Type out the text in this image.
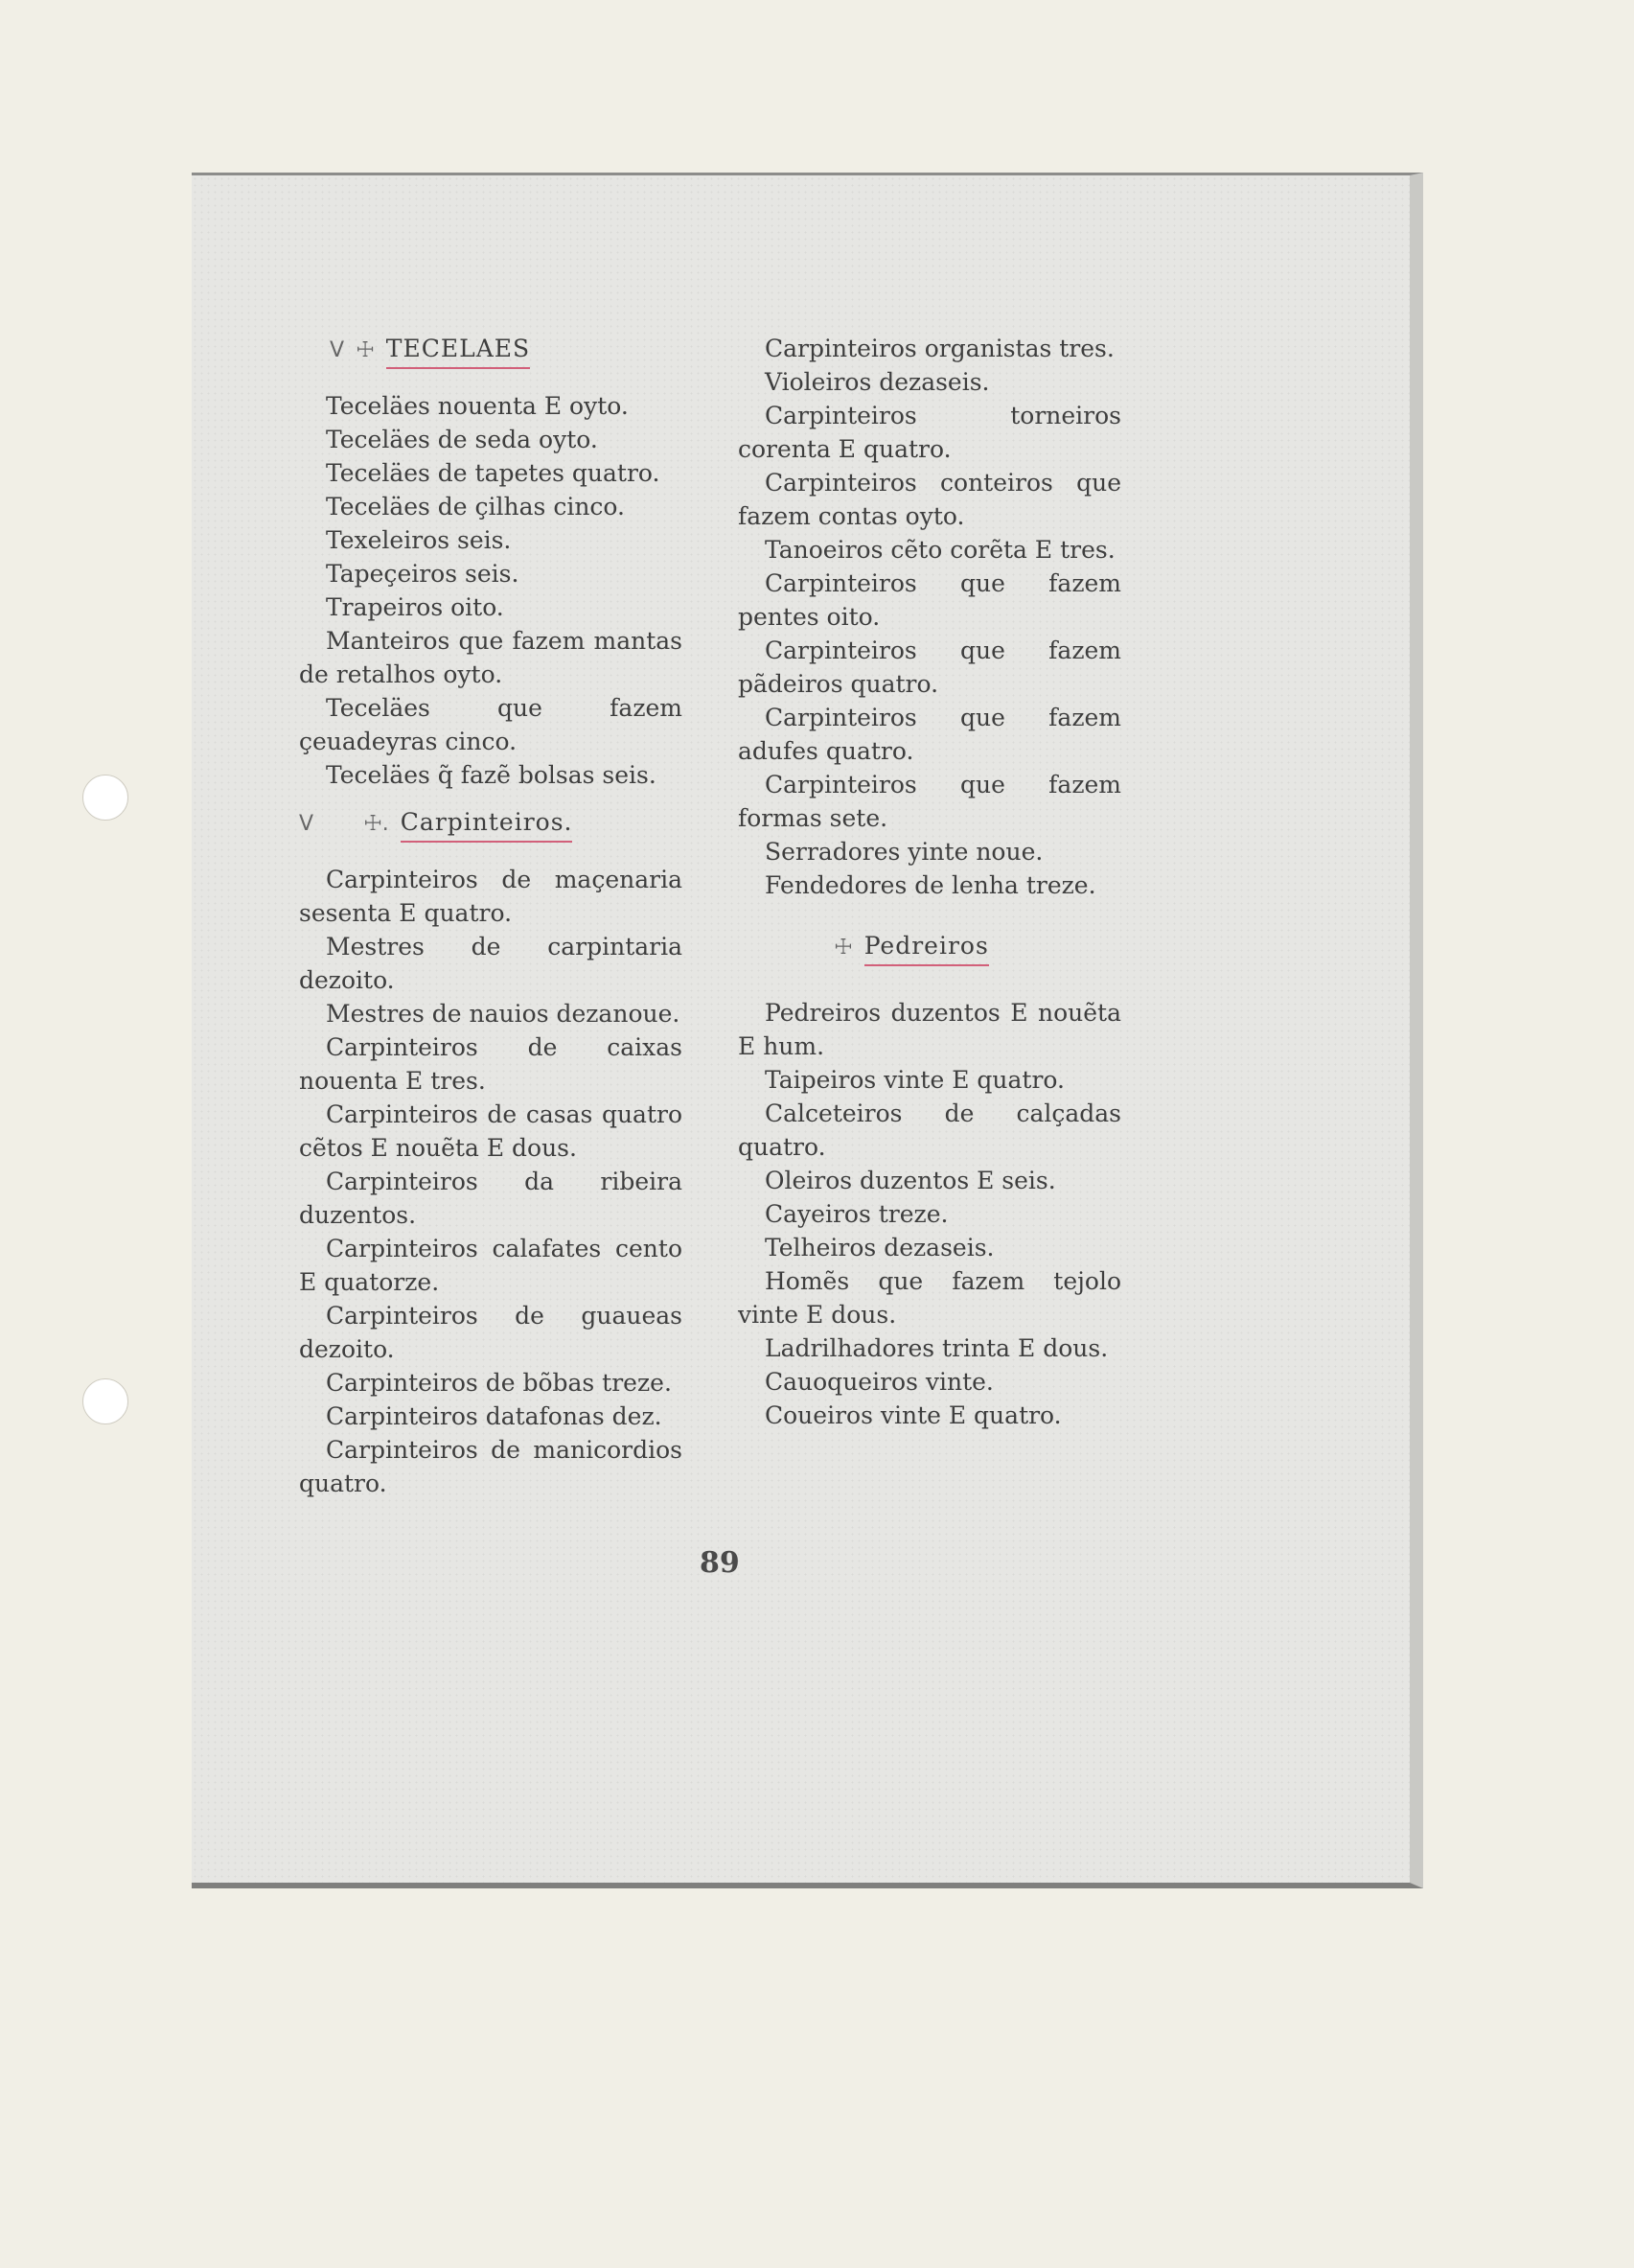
V ☩ TECELAES

Teceläes nouenta E oyto.

Teceläes de seda oyto.

Teceläes de tapetes quatro.

Teceläes de çilhas cinco.

Texeleiros seis.

Tapeçeiros seis.

Trapeiros oito.

Manteiros que fazem mantas de retalhos oyto.

Teceläes que fazem çeuadeyras cinco.

Teceläes q̃ fazẽ bolsas seis.

V ☩. Carpinteiros.

Carpinteiros de maçenaria sesenta E quatro.

Mestres de carpintaria dezoito.

Mestres de nauios dezanoue.

Carpinteiros de caixas nouenta E tres.

Carpinteiros de casas quatro cẽtos E nouẽta E dous.

Carpinteiros da ribeira duzentos.

Carpinteiros calafates cento E quatorze.

Carpinteiros de guaueas dezoito.

Carpinteiros de bõbas treze.

Carpinteiros datafonas dez.

Carpinteiros de manicordios quatro.

Carpinteiros organistas tres.

Violeiros dezaseis.

Carpinteiros torneiros corenta E quatro.

Carpinteiros conteiros que fazem contas oyto.

Tanoeiros cẽto corẽta E tres.

Carpinteiros que fazem pentes oito.

Carpinteiros que fazem pãdeiros quatro.

Carpinteiros que fazem adufes quatro.

Carpinteiros que fazem formas sete.

Serradores yinte noue.

Fendedores de lenha treze.

☩ Pedreiros

Pedreiros duzentos E nouẽta E hum.

Taipeiros vinte E quatro.

Calceteiros de calçadas quatro.

Oleiros duzentos E seis.

Cayeiros treze.

Telheiros dezaseis.

Homẽs que fazem tejolo vinte E dous.

Ladrilhadores trinta E dous.

Cauoqueiros vinte.

Coueiros vinte E quatro.

89
